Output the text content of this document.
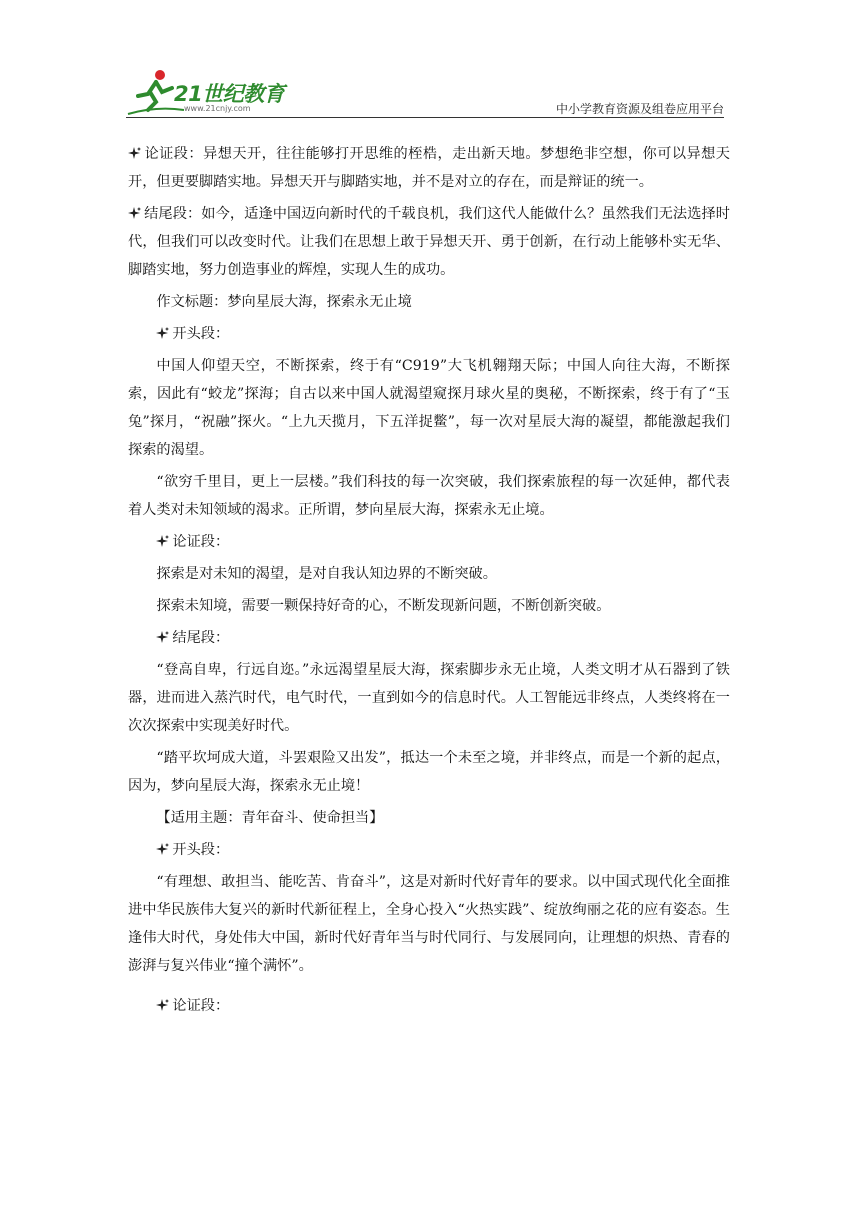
21世纪教育
www.21cnjy.com	中小学教育资源及组卷应用平台

论证段：异想天开，往往能够打开思维的桎梏，走出新天地。梦想绝非空想，你可以异想天开，但更要脚踏实地。异想天开与脚踏实地，并不是对立的存在，而是辩证的统一。

结尾段：如今，适逢中国迈向新时代的千载良机，我们这代人能做什么？虽然我们无法选择时代，但我们可以改变时代。让我们在思想上敢于异想天开、勇于创新，在行动上能够朴实无华、脚踏实地，努力创造事业的辉煌，实现人生的成功。

作文标题：梦向星辰大海，探索永无止境

开头段：

中国人仰望天空，不断探索，终于有“C919”大飞机翱翔天际；中国人向往大海，不断探索，因此有“蛟龙”探海；自古以来中国人就渴望窥探月球火星的奥秘，不断探索，终于有了“玉兔”探月，“祝融”探火。“上九天揽月，下五洋捉鳖”，每一次对星辰大海的凝望，都能激起我们探索的渴望。

“欲穷千里目，更上一层楼。”我们科技的每一次突破，我们探索旅程的每一次延伸，都代表着人类对未知领域的渴求。正所谓，梦向星辰大海，探索永无止境。

论证段：

探索是对未知的渴望，是对自我认知边界的不断突破。

探索未知境，需要一颗保持好奇的心，不断发现新问题，不断创新突破。

结尾段：

“登高自卑，行远自迩。”永远渴望星辰大海，探索脚步永无止境，人类文明才从石器到了铁器，进而进入蒸汽时代，电气时代，一直到如今的信息时代。人工智能远非终点，人类终将在一次次探索中实现美好时代。

“踏平坎坷成大道，斗罢艰险又出发”，抵达一个未至之境，并非终点，而是一个新的起点，因为，梦向星辰大海，探索永无止境！

【适用主题：青年奋斗、使命担当】

开头段：

“有理想、敢担当、能吃苦、肯奋斗”，这是对新时代好青年的要求。以中国式现代化全面推进中华民族伟大复兴的新时代新征程上，全身心投入“火热实践”、绽放绚丽之花的应有姿态。生逢伟大时代，身处伟大中国，新时代好青年当与时代同行、与发展同向，让理想的炽热、青春的澎湃与复兴伟业“撞个满怀”。

论证段：
